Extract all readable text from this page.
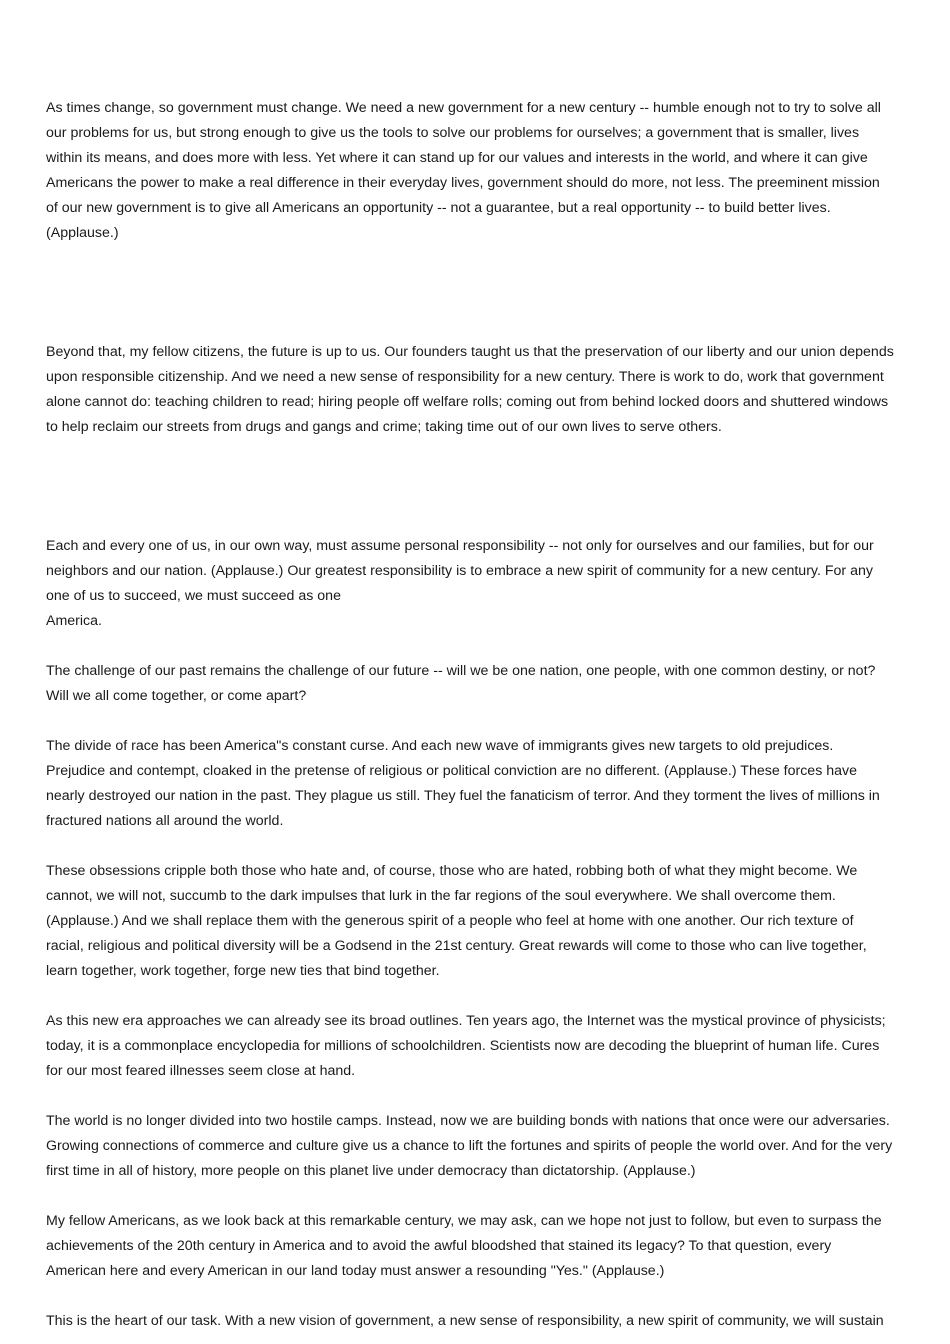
As times change, so government must change. We need a new government for a new century -- humble enough not to try to solve all
our problems for us, but strong enough to give us the tools to solve our problems for ourselves; a government that is smaller, lives
within its means, and does more with less. Yet where it can stand up for our values and interests in the world, and where it can give
Americans the power to make a real difference in their everyday lives, government should do more, not less. The preeminent mission
of our new government is to give all Americans an opportunity -- not a guarantee, but a real opportunity -- to build better lives.
(Applause.)

Beyond that, my fellow citizens, the future is up to us. Our founders taught us that the preservation of our liberty and our union depends
upon responsible citizenship. And we need a new sense of responsibility for a new century. There is work to do, work that government
alone cannot do: teaching children to read; hiring people off welfare rolls; coming out from behind locked doors and shuttered windows
to help reclaim our streets from drugs and gangs and crime; taking time out of our own lives to serve others.

Each and every one of us, in our own way, must assume personal responsibility -- not only for ourselves and our families, but for our
neighbors and our nation. (Applause.) Our greatest responsibility is to embrace a new spirit of community for a new century. For any
one of us to succeed, we must succeed as one
America.

The challenge of our past remains the challenge of our future -- will we be one nation, one people, with one common destiny, or not?
Will we all come together, or come apart?

The divide of race has been America"s constant curse. And each new wave of immigrants gives new targets to old prejudices.
Prejudice and contempt, cloaked in the pretense of religious or political conviction are no different. (Applause.) These forces have
nearly destroyed our nation in the past. They plague us still. They fuel the fanaticism of terror. And they torment the lives of millions in
fractured nations all around the world.

These obsessions cripple both those who hate and, of course, those who are hated, robbing both of what they might become. We
cannot, we will not, succumb to the dark impulses that lurk in the far regions of the soul everywhere. We shall overcome them.
(Applause.) And we shall replace them with the generous spirit of a people who feel at home with one another. Our rich texture of
racial, religious and political diversity will be a Godsend in the 21st century. Great rewards will come to those who can live together,
learn together, work together, forge new ties that bind together.

As this new era approaches we can already see its broad outlines. Ten years ago, the Internet was the mystical province of physicists;
today, it is a commonplace encyclopedia for millions of schoolchildren. Scientists now are decoding the blueprint of human life. Cures
for our most feared illnesses seem close at hand.

The world is no longer divided into two hostile camps. Instead, now we are building bonds with nations that once were our adversaries.
Growing connections of commerce and culture give us a chance to lift the fortunes and spirits of people the world over. And for the very
first time in all of history, more people on this planet live under democracy than dictatorship. (Applause.)

My fellow Americans, as we look back at this remarkable century, we may ask, can we hope not just to follow, but even to surpass the
achievements of the 20th century in America and to avoid the awful bloodshed that stained its legacy? To that question, every
American here and every American in our land today must answer a resounding "Yes." (Applause.)

This is the heart of our task. With a new vision of government, a new sense of responsibility, a new spirit of community, we will sustain
